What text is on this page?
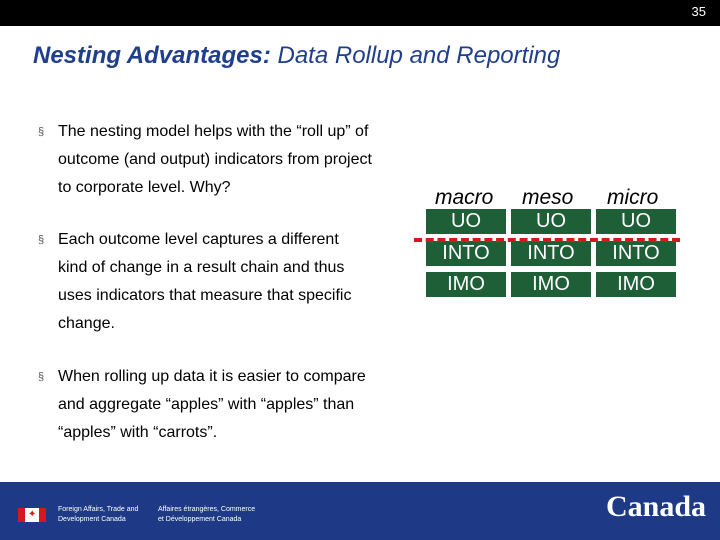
35
Nesting Advantages: Data Rollup and Reporting
§ The nesting model helps with the “roll up” of outcome (and output) indicators from project to corporate level. Why?
§ Each outcome level captures a different kind of change in a result chain and thus uses indicators that measure that specific change.
§ When rolling up data it is easier to compare and aggregate “apples” with “apples” than “apples” with “carrots”.
macro meso micro
UO	UO	UO
INTO	INTO	INTO
IMO	IMO	IMO
✦	Foreign Affairs, Trade and
Development Canada
Affaires étrangères, Commerce
et Développement Canada	Canada
